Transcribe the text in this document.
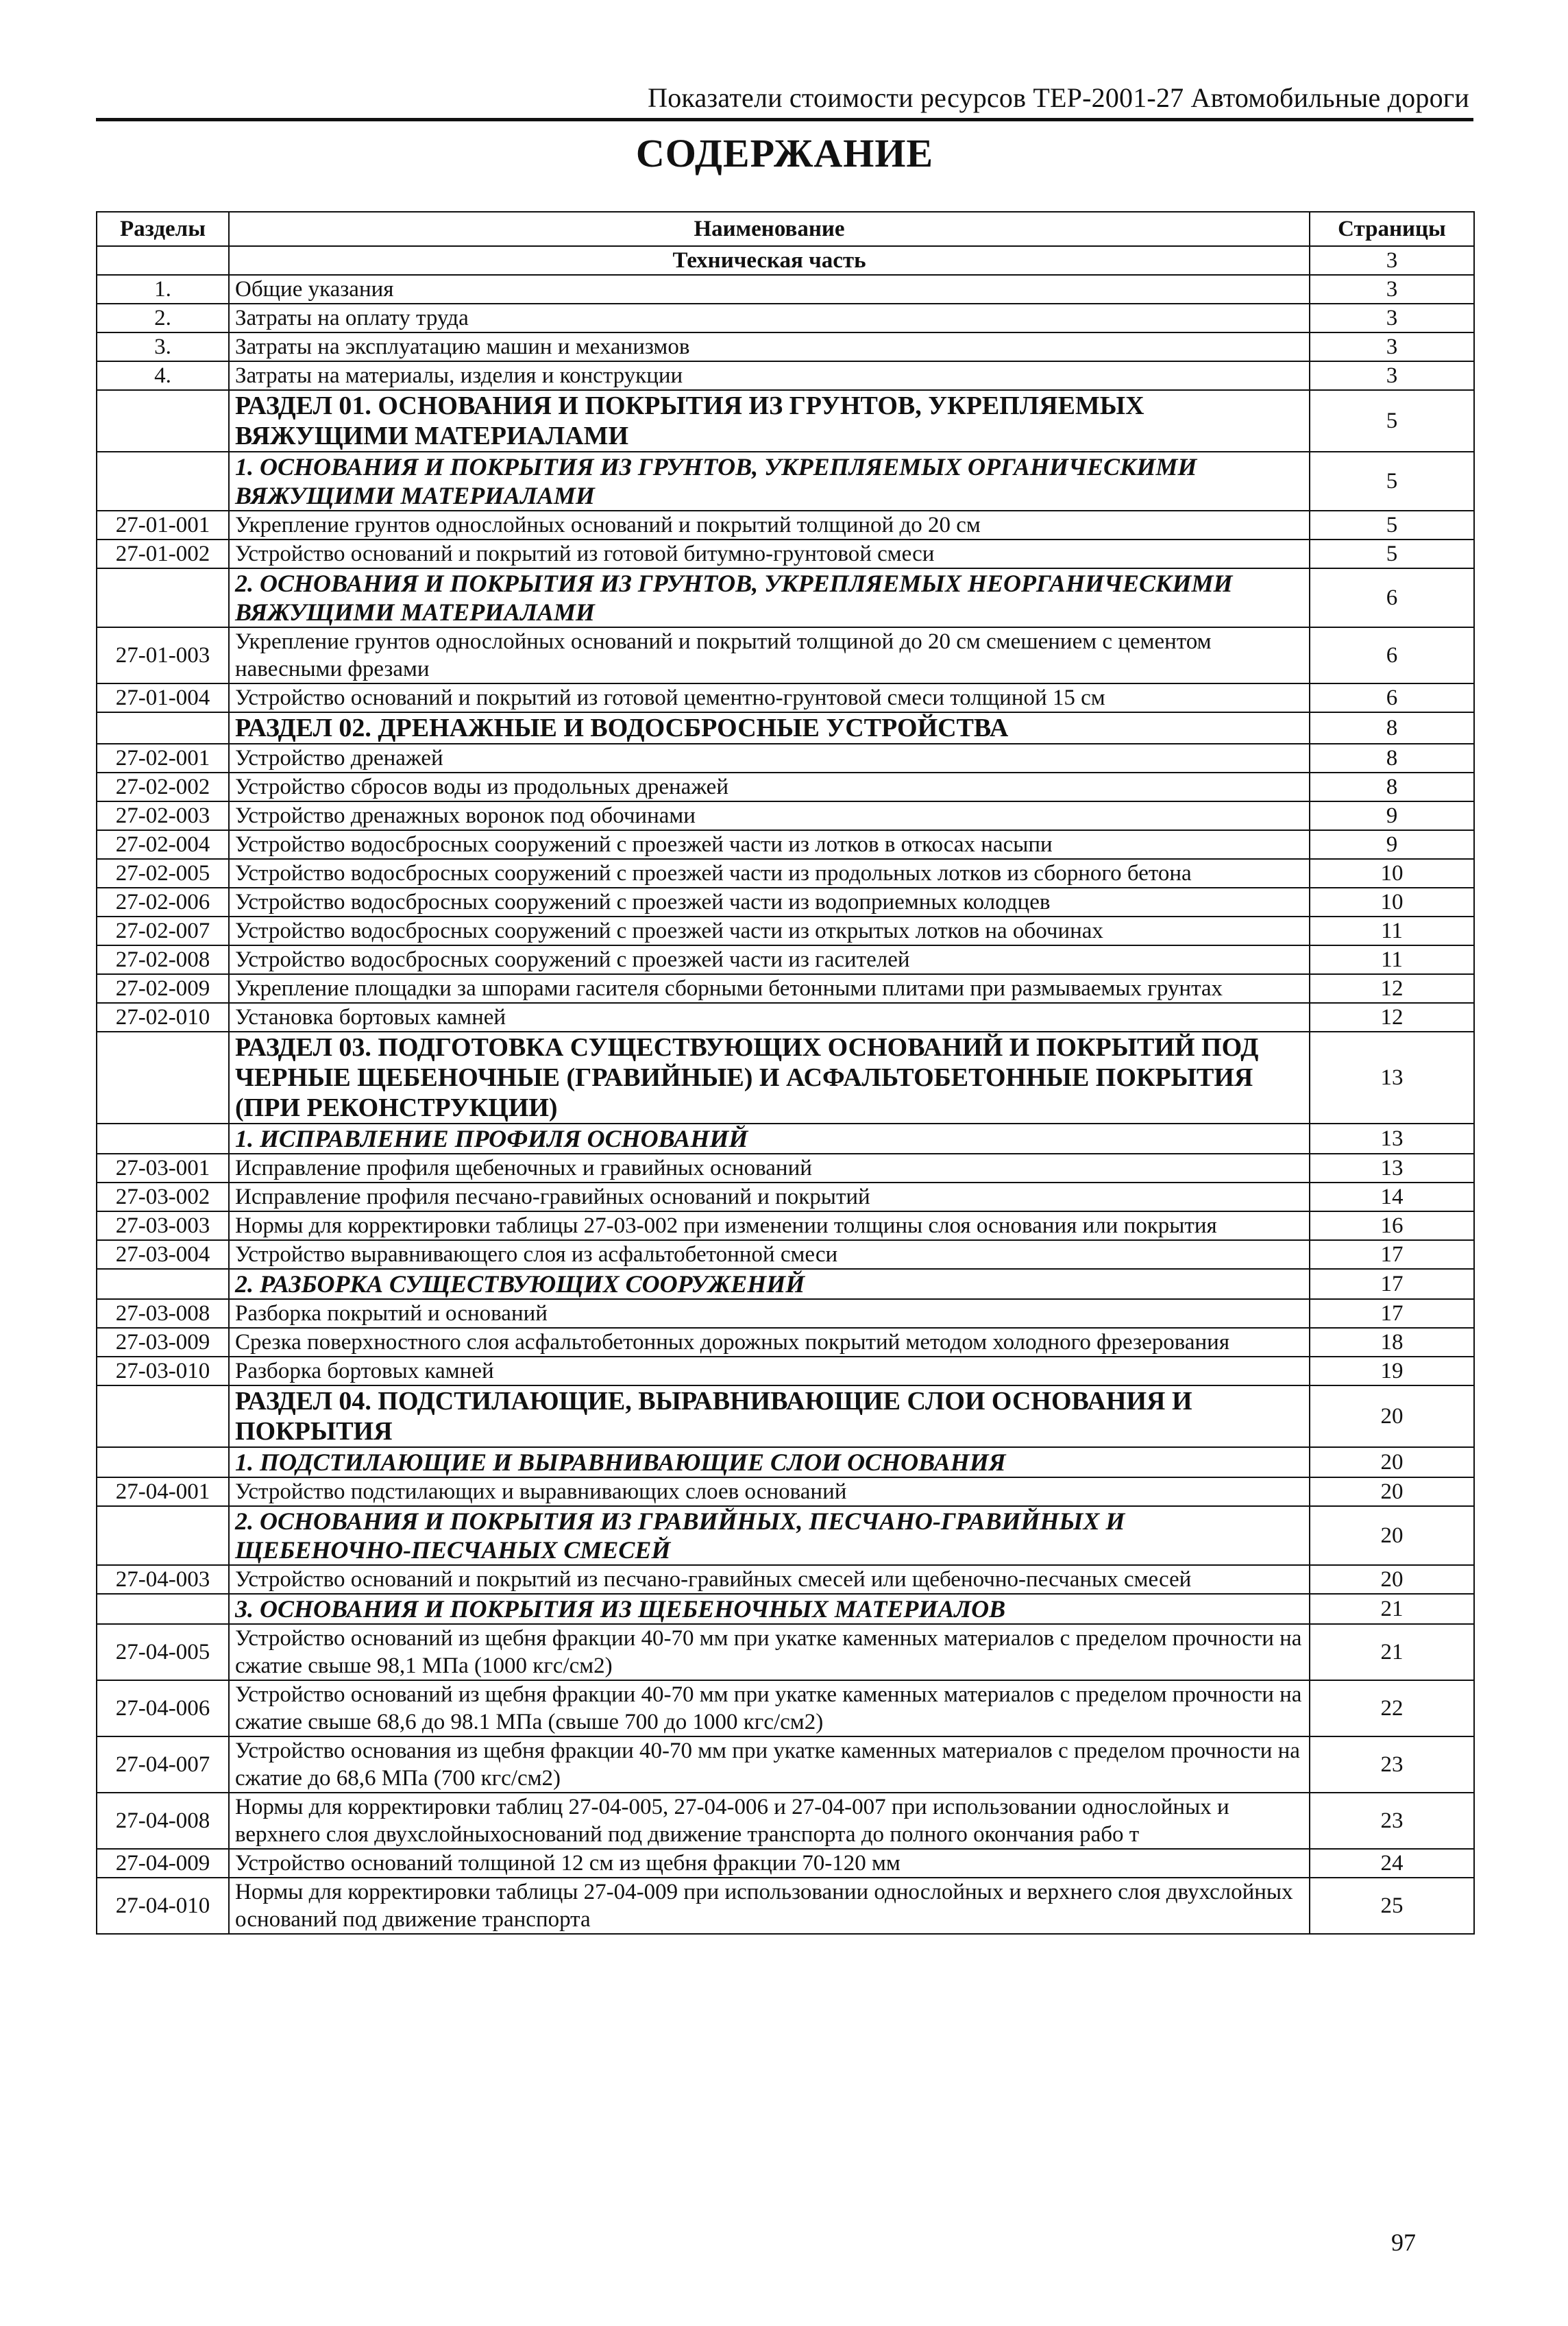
Показатели стоимости ресурсов ТЕР-2001-27 Автомобильные дороги
СОДЕРЖАНИЕ
Разделы	Наименование	Страницы
	Техническая часть	3
1.	Общие указания	3
2.	Затраты на оплату труда	3
3.	Затраты на эксплуатацию машин и механизмов	3
4.	Затраты на материалы, изделия и конструкции	3
	РАЗДЕЛ 01. ОСНОВАНИЯ И ПОКРЫТИЯ ИЗ ГРУНТОВ, УКРЕПЛЯЕМЫХ ВЯЖУЩИМИ МАТЕРИАЛАМИ	5
	1. ОСНОВАНИЯ И ПОКРЫТИЯ ИЗ ГРУНТОВ, УКРЕПЛЯЕМЫХ ОРГАНИЧЕСКИМИ ВЯЖУЩИМИ МАТЕРИАЛАМИ	5
27-01-001	Укрепление грунтов однослойных оснований и покрытий толщиной до 20 см	5
27-01-002	Устройство оснований и покрытий из готовой битумно-грунтовой смеси	5
	2. ОСНОВАНИЯ И ПОКРЫТИЯ ИЗ ГРУНТОВ, УКРЕПЛЯЕМЫХ НЕОРГАНИЧЕСКИМИ ВЯЖУЩИМИ МАТЕРИАЛАМИ	6
27-01-003	Укрепление грунтов однослойных оснований и покрытий толщиной до 20 см смешением с цементом навесными фрезами	6
27-01-004	Устройство оснований и покрытий из готовой цементно-грунтовой смеси толщиной 15 см	6
	РАЗДЕЛ 02. ДРЕНАЖНЫЕ И ВОДОСБРОСНЫЕ УСТРОЙСТВА	8
27-02-001	Устройство дренажей	8
27-02-002	Устройство сбросов воды из продольных дренажей	8
27-02-003	Устройство дренажных воронок под обочинами	9
27-02-004	Устройство водосбросных сооружений с проезжей части из лотков в откосах насыпи	9
27-02-005	Устройство водосбросных сооружений с проезжей части из продольных лотков из сборного бетона	10
27-02-006	Устройство водосбросных сооружений с проезжей части из водоприемных колодцев	10
27-02-007	Устройство водосбросных сооружений с проезжей части из открытых лотков на обочинах	11
27-02-008	Устройство водосбросных сооружений с проезжей части из гасителей	11
27-02-009	Укрепление площадки за шпорами гасителя сборными бетонными плитами при размываемых грунтах	12
27-02-010	Установка бортовых камней	12
	РАЗДЕЛ 03. ПОДГОТОВКА СУЩЕСТВУЮЩИХ ОСНОВАНИЙ И ПОКРЫТИЙ ПОД ЧЕРНЫЕ ЩЕБЕНОЧНЫЕ (ГРАВИЙНЫЕ) И АСФАЛЬТОБЕТОННЫЕ ПОКРЫТИЯ (ПРИ РЕКОНСТРУКЦИИ)	13
	1. ИСПРАВЛЕНИЕ ПРОФИЛЯ ОСНОВАНИЙ	13
27-03-001	Исправление профиля щебеночных и гравийных оснований	13
27-03-002	Исправление профиля песчано-гравийных оснований и покрытий	14
27-03-003	Нормы для корректировки таблицы 27-03-002 при изменении толщины слоя основания или покрытия	16
27-03-004	Устройство выравнивающего слоя из асфальтобетонной смеси	17
	2. РАЗБОРКА СУЩЕСТВУЮЩИХ СООРУЖЕНИЙ	17
27-03-008	Разборка покрытий и оснований	17
27-03-009	Срезка поверхностного слоя асфальтобетонных дорожных покрытий методом холодного фрезерования	18
27-03-010	Разборка бортовых камней	19
	РАЗДЕЛ 04. ПОДСТИЛАЮЩИЕ, ВЫРАВНИВАЮЩИЕ СЛОИ ОСНОВАНИЯ И ПОКРЫТИЯ	20
	1. ПОДСТИЛАЮЩИЕ И ВЫРАВНИВАЮЩИЕ СЛОИ ОСНОВАНИЯ	20
27-04-001	Устройство подстилающих и выравнивающих слоев оснований	20
	2. ОСНОВАНИЯ И ПОКРЫТИЯ ИЗ ГРАВИЙНЫХ, ПЕСЧАНО-ГРАВИЙНЫХ И ЩЕБЕНОЧНО-ПЕСЧАНЫХ СМЕСЕЙ	20
27-04-003	Устройство оснований и покрытий из песчано-гравийных смесей или щебеночно-песчаных смесей	20
	3. ОСНОВАНИЯ И ПОКРЫТИЯ ИЗ ЩЕБЕНОЧНЫХ МАТЕРИАЛОВ	21
27-04-005	Устройство оснований из щебня фракции 40-70 мм при укатке каменных материалов с пределом прочности на сжатие свыше 98,1 МПа (1000 кгс/см2)	21
27-04-006	Устройство оснований из щебня фракции 40-70 мм при укатке каменных материалов с пределом прочности на сжатие свыше 68,6 до 98.1 МПа (свыше 700 до 1000 кгс/см2)	22
27-04-007	Устройство основания из щебня фракции 40-70 мм при укатке каменных материалов с пределом прочности на сжатие до 68,6 МПа (700 кгс/см2)	23
27-04-008	Нормы для корректировки таблиц 27-04-005, 27-04-006 и 27-04-007 при использовании однослойных и верхнего слоя двухслойныхоснований под движение транспорта до полного окончания рабо т	23
27-04-009	Устройство оснований толщиной 12 см из щебня фракции 70-120 мм	24
27-04-010	Нормы для корректировки таблицы 27-04-009 при использовании однослойных и верхнего слоя двухслойных оснований под движение транспорта	25
97
